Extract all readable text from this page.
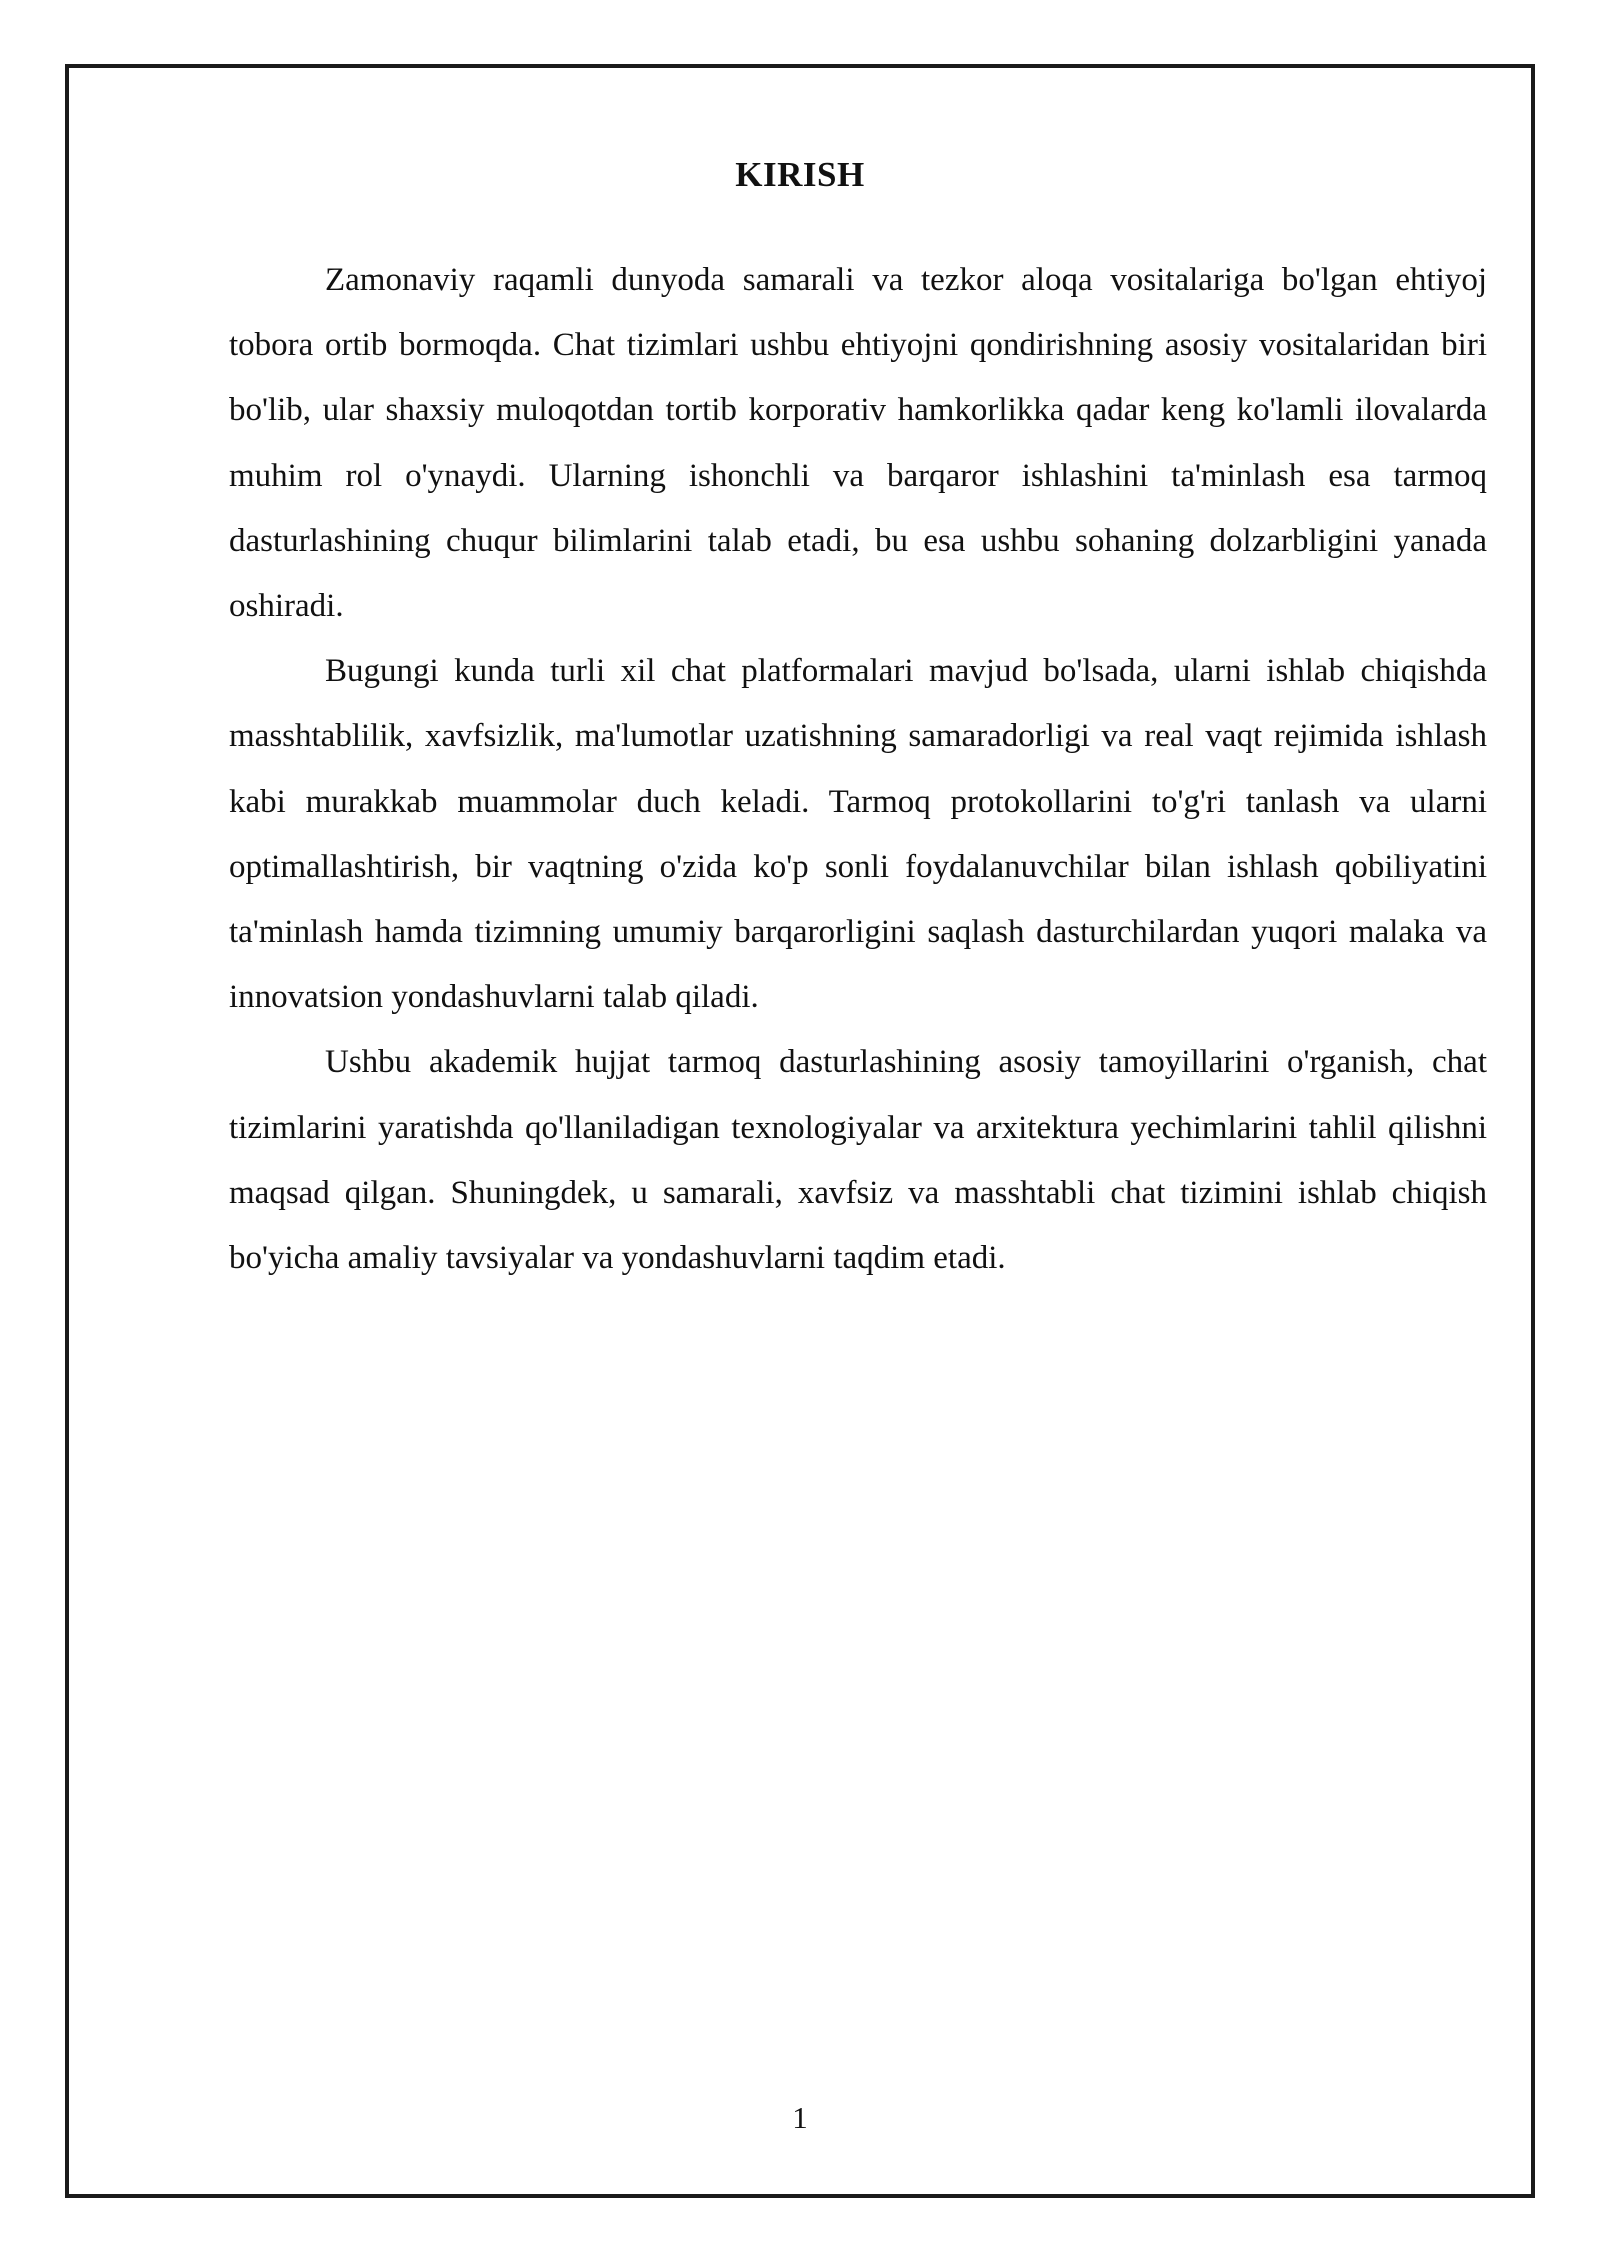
KIRISH

Zamonaviy raqamli dunyoda samarali va tezkor aloqa vositalariga bo'lgan ehtiyoj tobora ortib bormoqda. Chat tizimlari ushbu ehtiyojni qondirishning asosiy vositalaridan biri bo'lib, ular shaxsiy muloqotdan tortib korporativ hamkorlikka qadar keng ko'lamli ilovalarda muhim rol o'ynaydi. Ularning ishonchli va barqaror ishlashini ta'minlash esa tarmoq dasturlashining chuqur bilimlarini talab etadi, bu esa ushbu sohaning dolzarbligini yanada oshiradi.

Bugungi kunda turli xil chat platformalari mavjud bo'lsada, ularni ishlab chiqishda masshtablilik, xavfsizlik, ma'lumotlar uzatishning samaradorligi va real vaqt rejimida ishlash kabi murakkab muammolar duch keladi. Tarmoq protokollarini to'g'ri tanlash va ularni optimallashtirish, bir vaqtning o'zida ko'p sonli foydalanuvchilar bilan ishlash qobiliyatini ta'minlash hamda tizimning umumiy barqarorligini saqlash dasturchilardan yuqori malaka va innovatsion yondashuvlarni talab qiladi.

Ushbu akademik hujjat tarmoq dasturlashining asosiy tamoyillarini o'rganish, chat tizimlarini yaratishda qo'llaniladigan texnologiyalar va arxitektura yechimlarini tahlil qilishni maqsad qilgan. Shuningdek, u samarali, xavfsiz va masshtabli chat tizimini ishlab chiqish bo'yicha amaliy tavsiyalar va yondashuvlarni taqdim etadi.

1
